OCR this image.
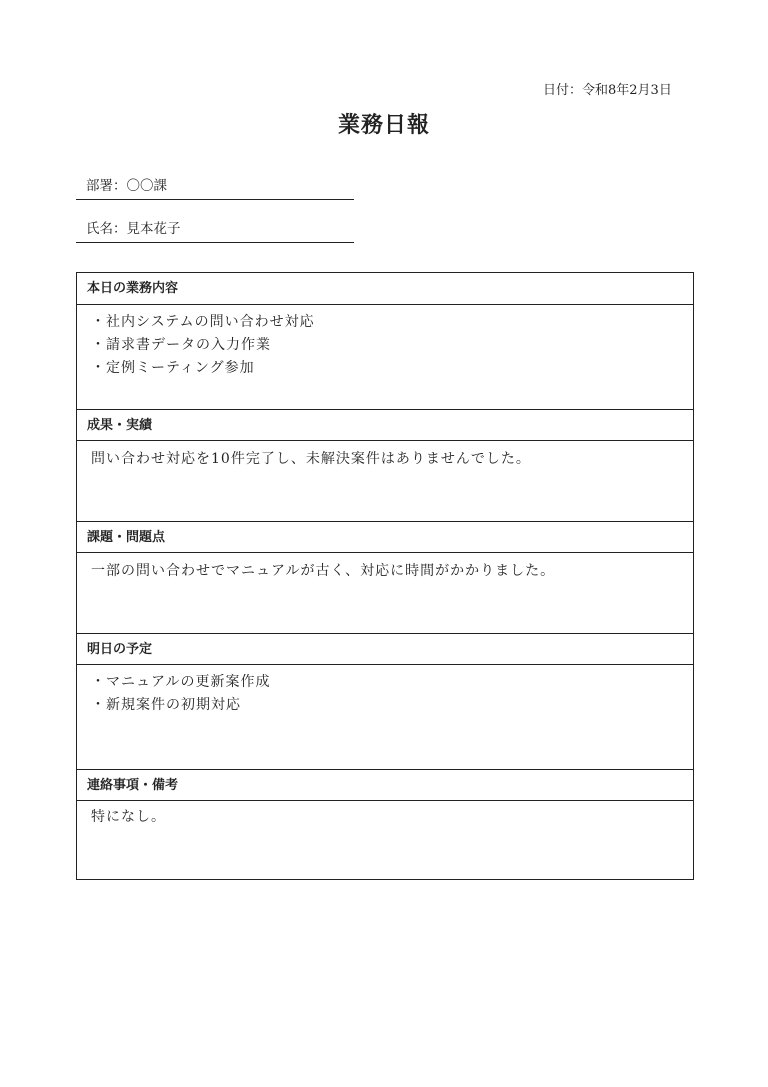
日付：令和8年2月3日
業務日報
部署：〇〇課
氏名：見本花子
本日の業務内容
・社内システムの問い合わせ対応
・請求書データの入力作業
・定例ミーティング参加
成果・実績
問い合わせ対応を10件完了し、未解決案件はありませんでした。
課題・問題点
一部の問い合わせでマニュアルが古く、対応に時間がかかりました。
明日の予定
・マニュアルの更新案作成
・新規案件の初期対応
連絡事項・備考
特になし。
